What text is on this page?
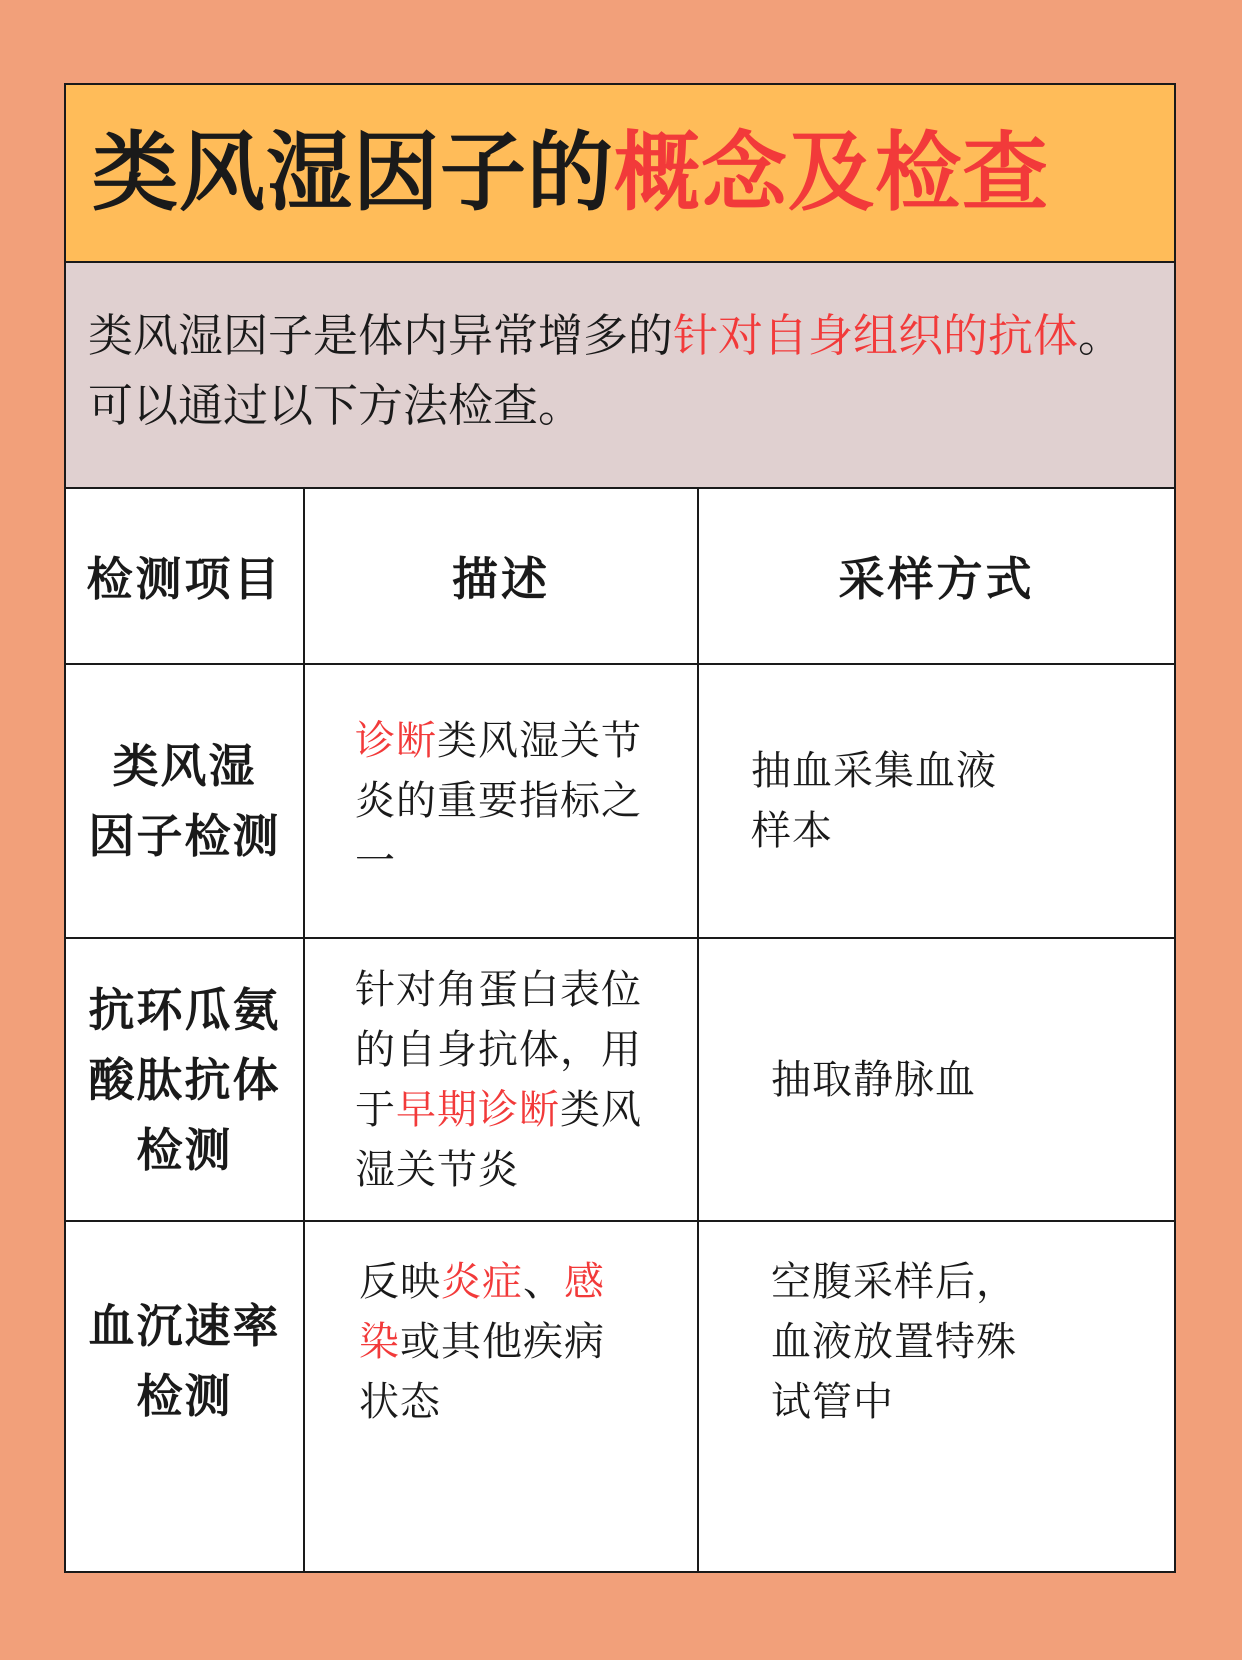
类风湿因子的概念及检查
类风湿因子是体内异常增多的针对自身组织的抗体。可以通过以下方法检查。
检测项目	描述	采样方式
类风湿
因子检测
诊断类风湿关节炎的重要指标之一
抽血采集血液
样本
抗环瓜氨
酸肽抗体
检测
针对角蛋白表位的自身抗体，用于早期诊断类风湿关节炎
抽取静脉血
血沉速率
检测
反映炎症、感染或其他疾病状态
空腹采样后，
血液放置特殊
试管中
